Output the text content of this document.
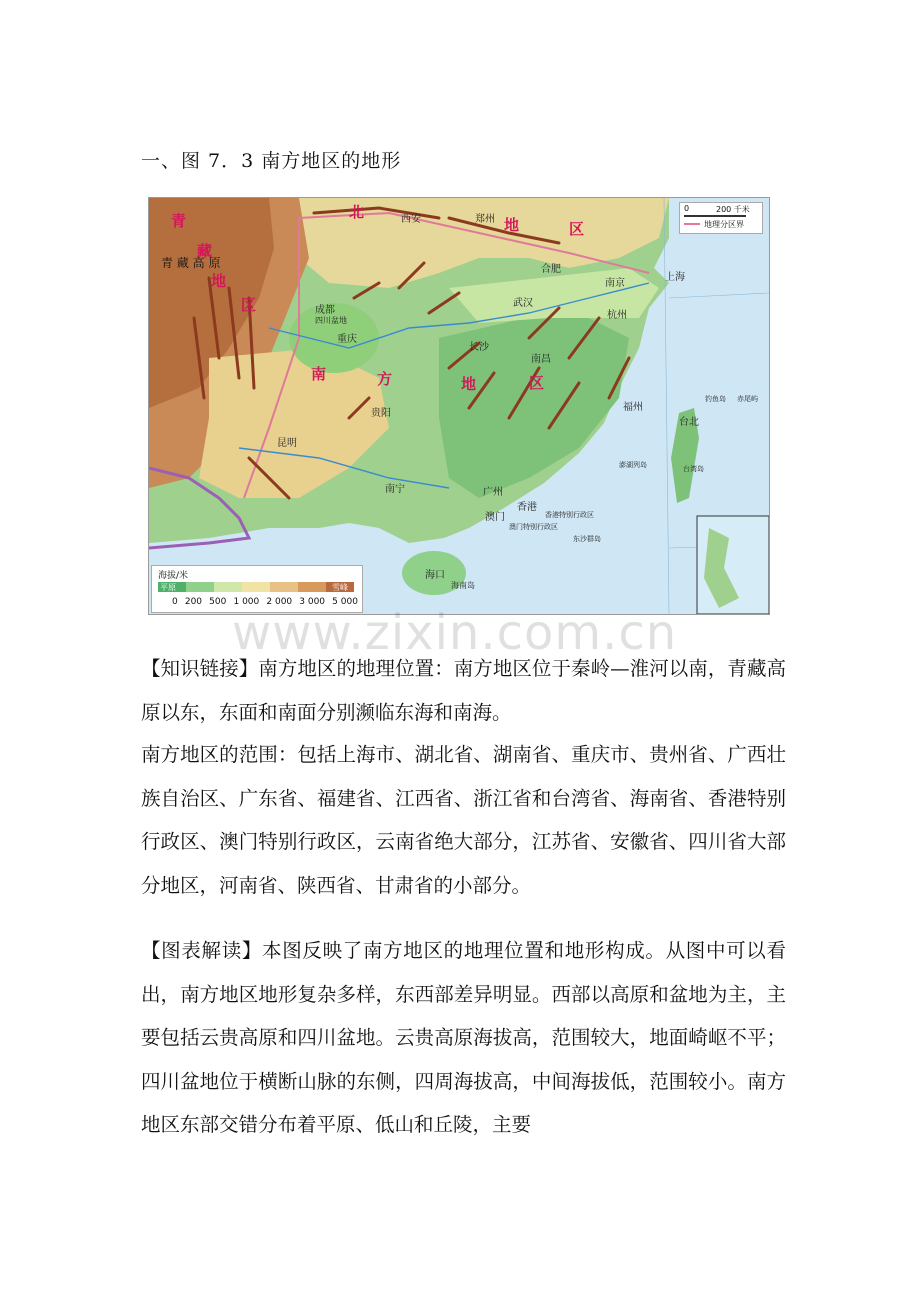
一、图 7．3 南方地区的地形
青
藏
地
区
北
地	区
南	方	地	区
青 藏 高 原
西安	郑州
合肥
南京
上海
武汉
杭州
成都
四川盆地
重庆
长沙
南昌
福州
贵阳
昆明
台北
南宁	广州
香港
澳门
海口
海南岛
香港特别行政区
澳门特别行政区
东沙群岛
钓鱼岛 赤尾屿
澎湖列岛	台湾岛
0	200 千米
地理分区界
海拔/米
平原	雪峰
0 200 500 1 000 2 000 3 000 5 000
www.zixin.com.cn
【知识链接】南方地区的地理位置：南方地区位于秦岭—淮河以南，青藏高原以东，东面和南面分别濒临东海和南海。
南方地区的范围：包括上海市、湖北省、湖南省、重庆市、贵州省、广西壮族自治区、广东省、福建省、江西省、浙江省和台湾省、海南省、香港特别行政区、澳门特别行政区，云南省绝大部分，江苏省、安徽省、四川省大部分地区，河南省、陕西省、甘肃省的小部分。
【图表解读】本图反映了南方地区的地理位置和地形构成。从图中可以看出，南方地区地形复杂多样，东西部差异明显。西部以高原和盆地为主，主要包括云贵高原和四川盆地。云贵高原海拔高，范围较大，地面崎岖不平；四川盆地位于横断山脉的东侧，四周海拔高，中间海拔低，范围较小。南方地区东部交错分布着平原、低山和丘陵，主要
